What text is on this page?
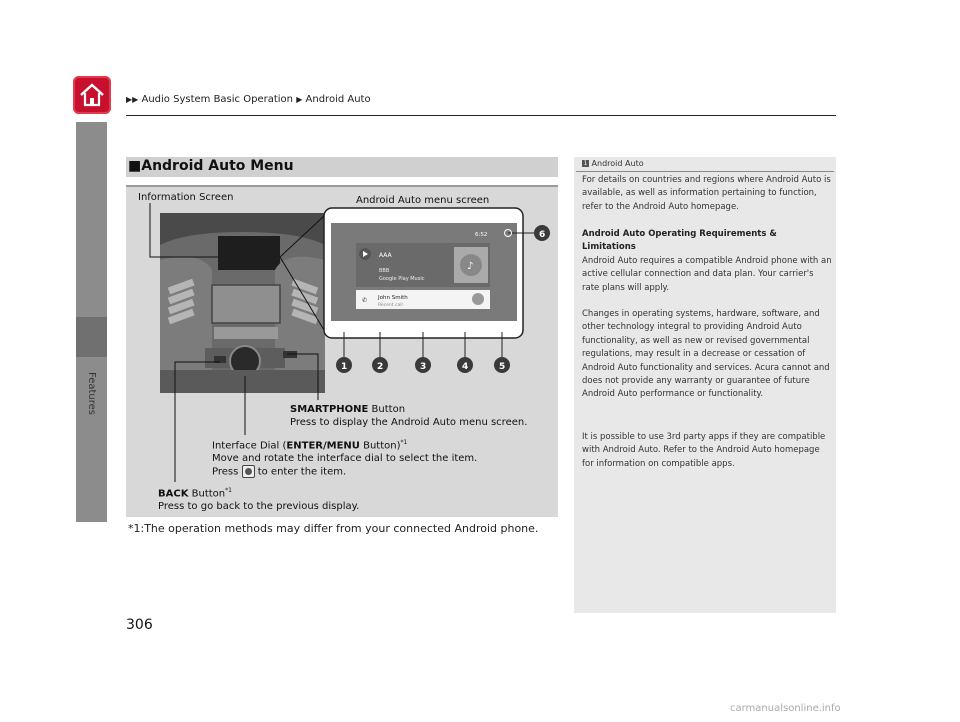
▶▶ Audio System Basic Operation ▶ Android Auto
Features
■Android Auto Menu
6:52
AAA
BBB
Google Play Music
♪
✆ John Smith
Recent call
1	2	3	4	5
6
Information Screen	Android Auto menu screen
SMARTPHONE Button
Press to display the Android Auto menu screen.
Interface Dial (ENTER/MENU Button)$^{*1}$
Move and rotate the interface dial to select the item.
Press to enter the item.
BACK Button$^{*1}$
Press to go back to the previous display.
*1:The operation methods may differ from your connected Android phone.
306
1 Android Auto
For details on countries and regions where Android Auto is available, as well as information pertaining to function, refer to the Android Auto homepage.
Android Auto Operating Requirements & Limitations
Android Auto requires a compatible Android phone with an active cellular connection and data plan. Your carrier's rate plans will apply.
Changes in operating systems, hardware, software, and other technology integral to providing Android Auto functionality, as well as new or revised governmental regulations, may result in a decrease or cessation of Android Auto functionality and services. Acura cannot and does not provide any warranty or guarantee of future Android Auto performance or functionality.
It is possible to use 3rd party apps if they are compatible with Android Auto. Refer to the Android Auto homepage for information on compatible apps.
carmanualsonline.info
